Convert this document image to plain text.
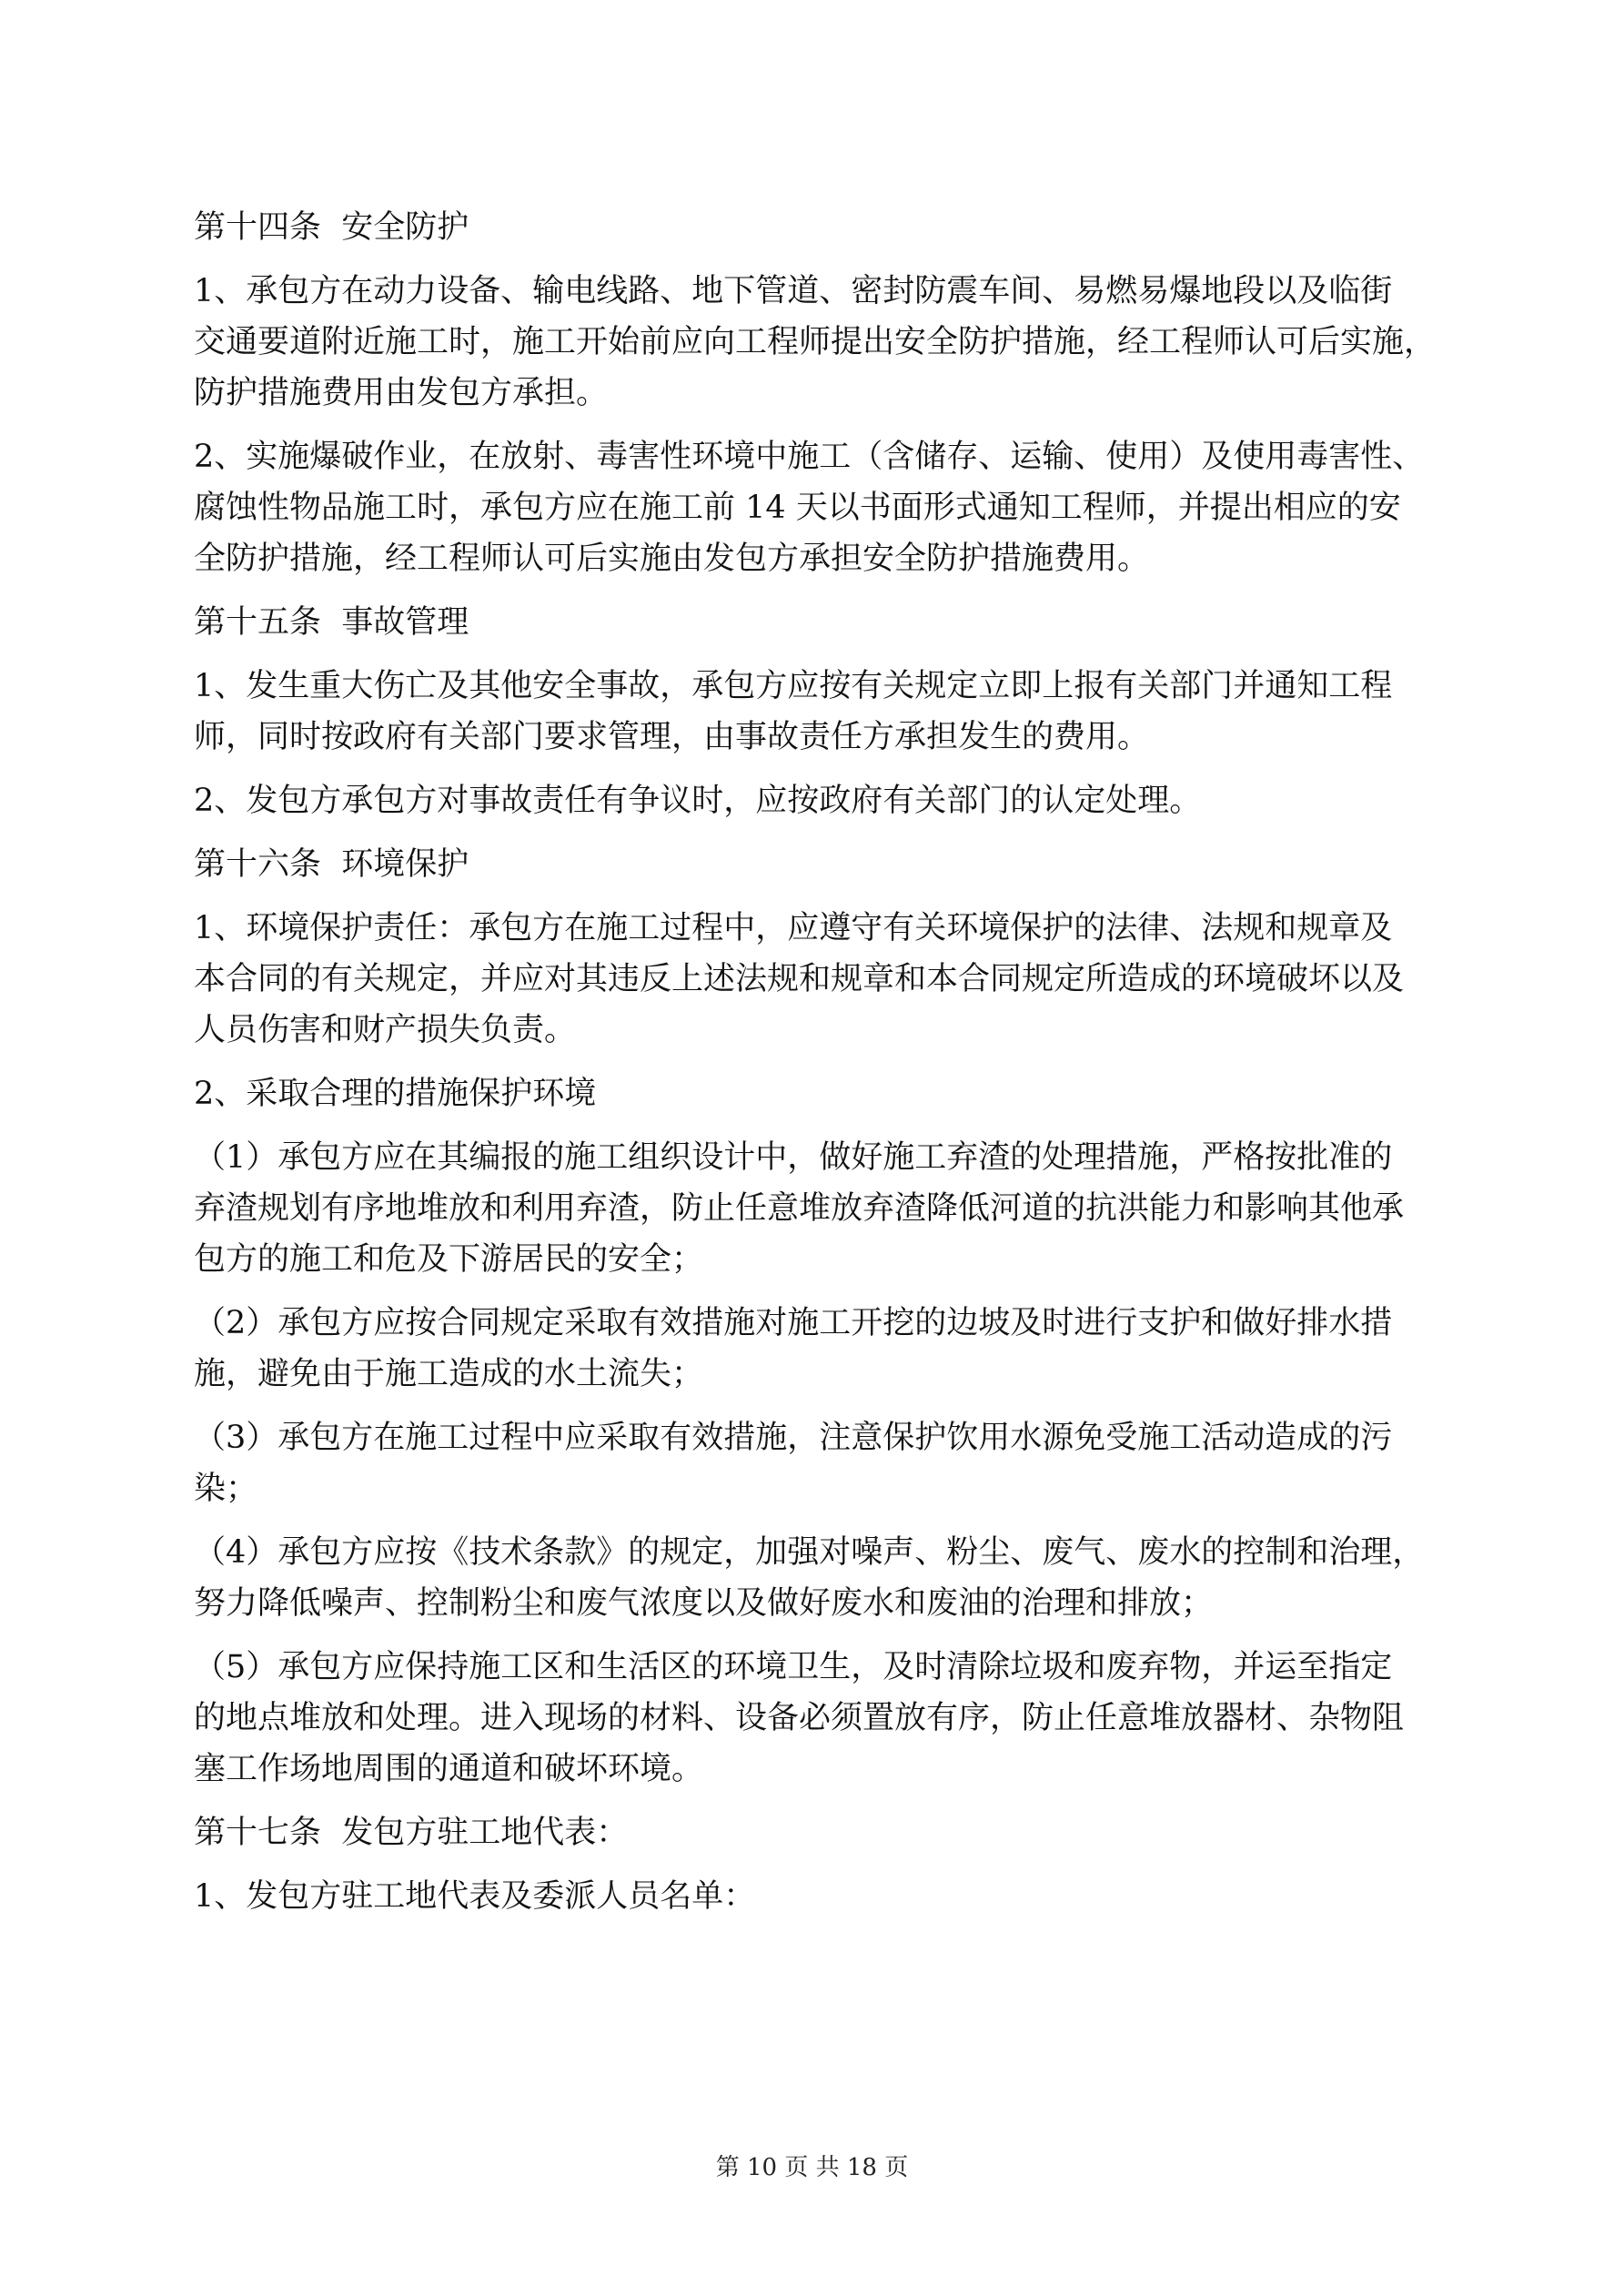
第十四条  安全防护
1、承包方在动力设备、输电线路、地下管道、密封防震车间、易燃易爆地段以及临街
交通要道附近施工时，施工开始前应向工程师提出安全防护措施，经工程师认可后实施，
防护措施费用由发包方承担。
2、实施爆破作业，在放射、毒害性环境中施工（含储存、运输、使用）及使用毒害性、
腐蚀性物品施工时，承包方应在施工前 14 天以书面形式通知工程师，并提出相应的安
全防护措施，经工程师认可后实施由发包方承担安全防护措施费用。
第十五条  事故管理
1、发生重大伤亡及其他安全事故，承包方应按有关规定立即上报有关部门并通知工程
师，同时按政府有关部门要求管理，由事故责任方承担发生的费用。
2、发包方承包方对事故责任有争议时，应按政府有关部门的认定处理。
第十六条  环境保护
1、环境保护责任：承包方在施工过程中，应遵守有关环境保护的法律、法规和规章及
本合同的有关规定，并应对其违反上述法规和规章和本合同规定所造成的环境破坏以及
人员伤害和财产损失负责。
2、采取合理的措施保护环境
（1）承包方应在其编报的施工组织设计中，做好施工弃渣的处理措施，严格按批准的
弃渣规划有序地堆放和利用弃渣，防止任意堆放弃渣降低河道的抗洪能力和影响其他承
包方的施工和危及下游居民的安全；
（2）承包方应按合同规定采取有效措施对施工开挖的边坡及时进行支护和做好排水措
施，避免由于施工造成的水土流失；
（3）承包方在施工过程中应采取有效措施，注意保护饮用水源免受施工活动造成的污
染；
（4）承包方应按《技术条款》的规定，加强对噪声、粉尘、废气、废水的控制和治理，
努力降低噪声、控制粉尘和废气浓度以及做好废水和废油的治理和排放；
（5）承包方应保持施工区和生活区的环境卫生，及时清除垃圾和废弃物，并运至指定
的地点堆放和处理。进入现场的材料、设备必须置放有序，防止任意堆放器材、杂物阻
塞工作场地周围的通道和破坏环境。
第十七条  发包方驻工地代表：
1、发包方驻工地代表及委派人员名单：
第 10 页 共 18 页
